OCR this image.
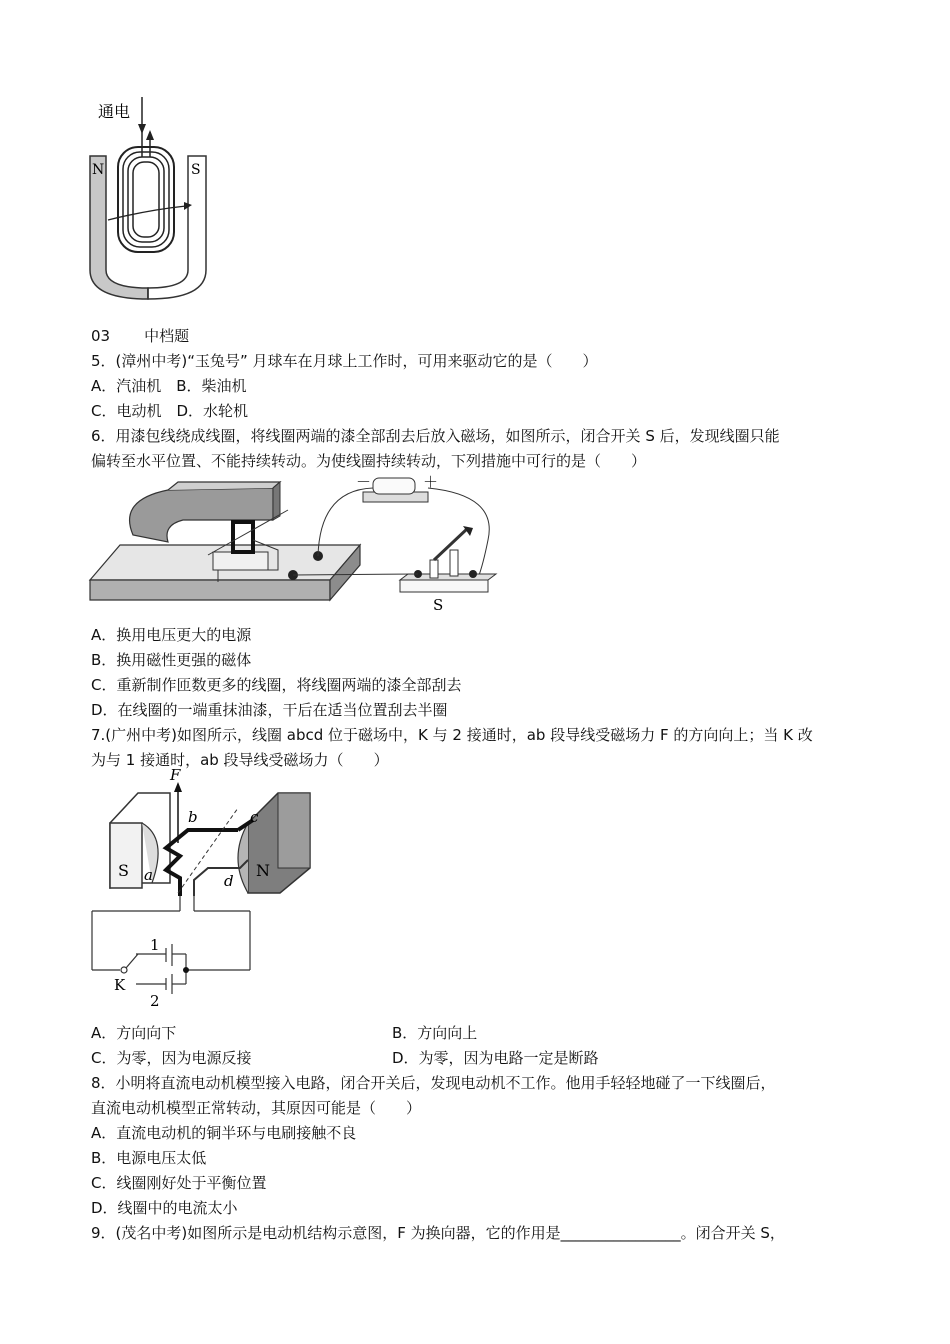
通电
N	S
03 中档题
5．(漳州中考)“玉兔号” 月球车在月球上工作时，可用来驱动它的是（　　）
A．汽油机　B．柴油机
C．电动机　D．水轮机
6．用漆包线绕成线圈，将线圈两端的漆全部刮去后放入磁场，如图所示，闭合开关 S 后，发现线圈只能
偏转至水平位置、不能持续转动。为使线圈持续转动，下列措施中可行的是（　　）
－	＋
S
A．换用电压更大的电源
B．换用磁性更强的磁体
C．重新制作匝数更多的线圈，将线圈两端的漆全部刮去
D．在线圈的一端重抹油漆，干后在适当位置刮去半圈
7.(广州中考)如图所示，线圈 abcd 位于磁场中，K 与 2 接通时，ab 段导线受磁场力 F 的方向向上；当 K 改
为与 1 接通时，ab 段导线受磁场力（　　）
F
b	c
a	d
S	N
1
2
K
A．方向向下	B．方向向上
C．为零，因为电源反接	D．为零，因为电路一定是断路
8．小明将直流电动机模型接入电路，闭合开关后，发现电动机不工作。他用手轻轻地碰了一下线圈后，
直流电动机模型正常转动，其原因可能是（　　）
A．直流电动机的铜半环与电刷接触不良
B．电源电压太低
C．线圈刚好处于平衡位置
D．线圈中的电流太小
9．(茂名中考)如图所示是电动机结构示意图，F 为换向器，它的作用是________________。闭合开关 S，
